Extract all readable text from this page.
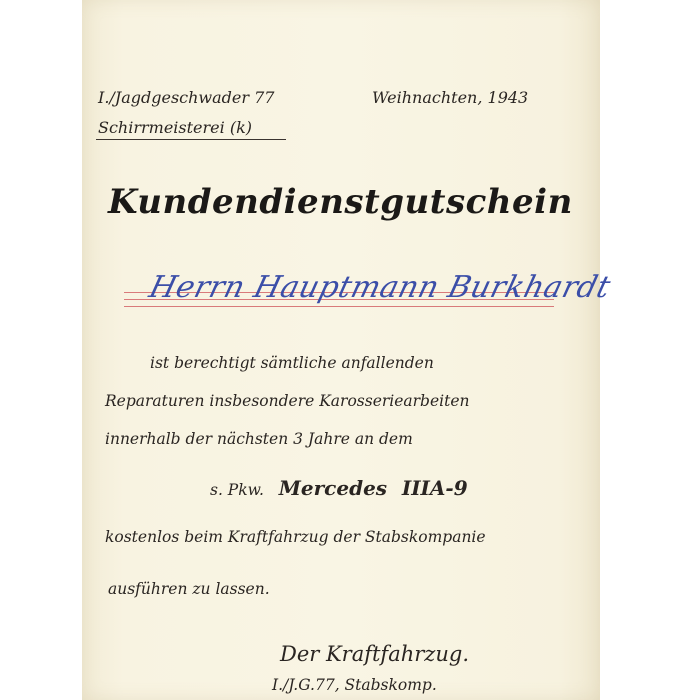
I./Jagdgeschwader 77
Schirrmeisterei (k)
Weihnachten, 1943
Kundendienstgutschein
Herrn Hauptmann Burkhardt
ist berechtigt sämtliche anfallenden
Reparaturen insbesondere Karosseriearbeiten
innerhalb der nächsten 3 Jahre an dem
s. Pkw. Mercedes IIIA-9
kostenlos beim Kraftfahrzug der Stabskompanie
ausführen zu lassen.
Der Kraftfahrzug.
I./J.G.77, Stabskomp.
